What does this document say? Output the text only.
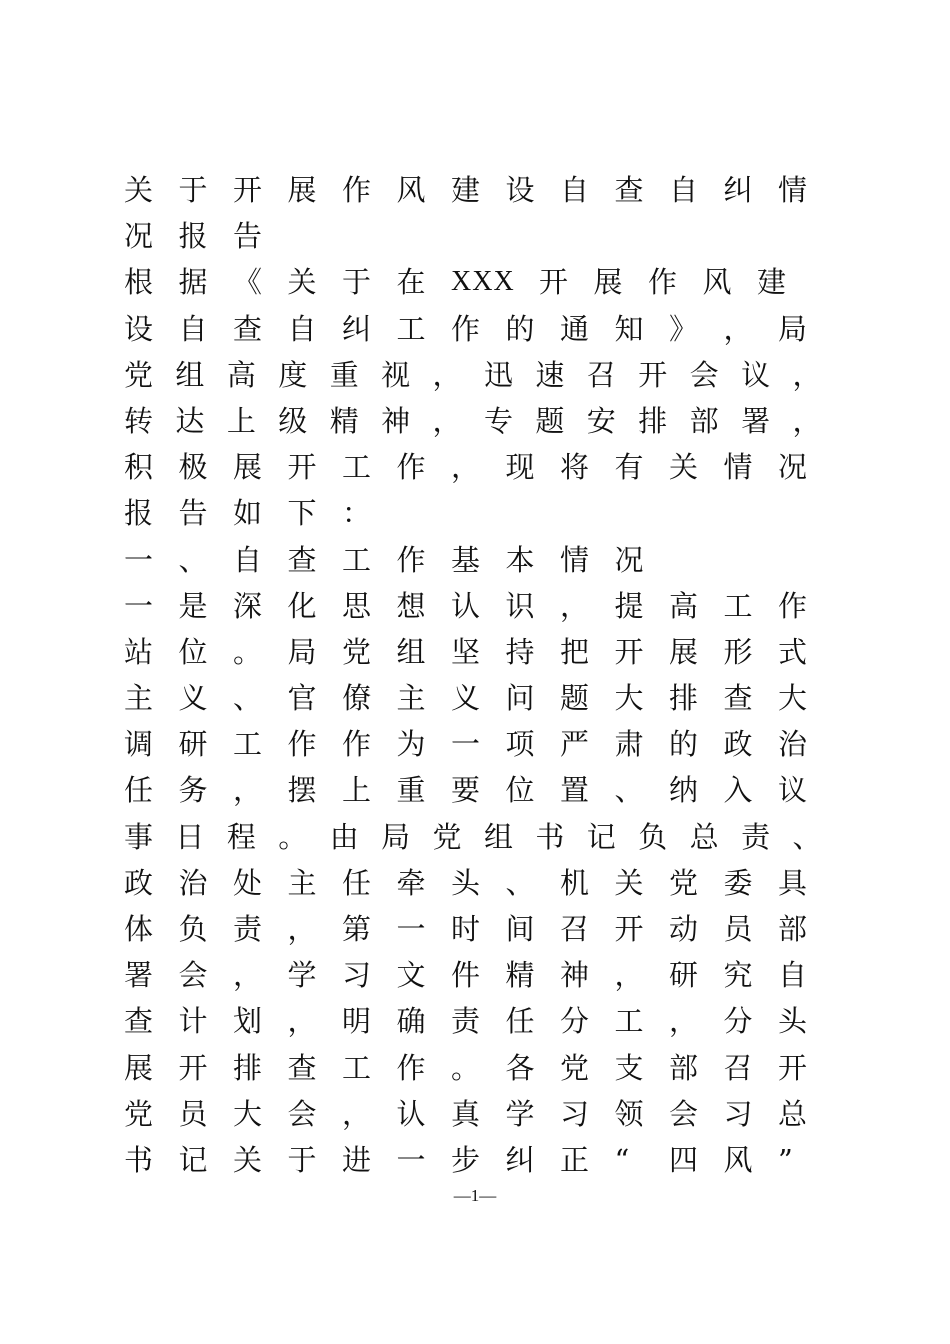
关 于 开 展 作 风 建 设 自 查 自 纠 情
况 报 告
根 据 《 关 于 在 XXX 开 展 作 风 建
设 自 查 自 纠 工 作 的 通 知 》 ， 局
党 组 高 度 重 视 ， 迅 速 召 开 会 议 ，
转 达 上 级 精 神 ， 专 题 安 排 部 署 ，
积 极 展 开 工 作 ， 现 将 有 关 情 况
报 告 如 下 ：
一 、 自 查 工 作 基 本 情 况
一 是 深 化 思 想 认 识 ， 提 高 工 作
站 位 。 局 党 组 坚 持 把 开 展 形 式
主 义 、 官 僚 主 义 问 题 大 排 查 大
调 研 工 作 作 为 一 项 严 肃 的 政 治
任 务 ， 摆 上 重 要 位 置 、 纳 入 议
事 日 程 。 由 局 党 组 书 记 负 总 责 、
政 治 处 主 任 牵 头 、 机 关 党 委 具
体 负 责 ， 第 一 时 间 召 开 动 员 部
署 会 ， 学 习 文 件 精 神 ， 研 究 自
查 计 划 ， 明 确 责 任 分 工 ， 分 头
展 开 排 查 工 作 。 各 党 支 部 召 开
党 员 大 会 ， 认 真 学 习 领 会 习 总
书 记 关 于 进 一 步 纠 正 “	四 风 ”
—1—
